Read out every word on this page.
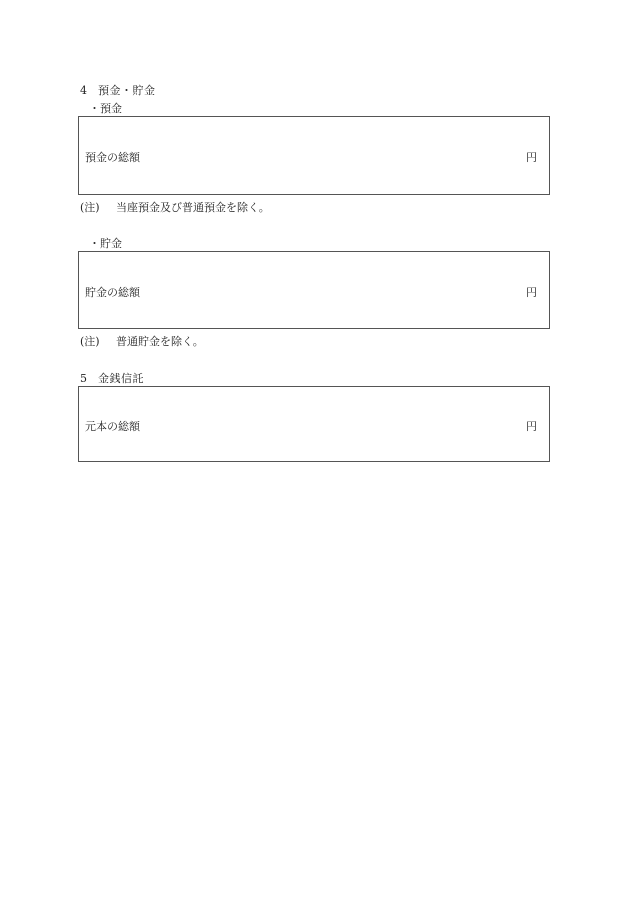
4 預金・貯金
・預金
預金の総額	円
(注) 当座預金及び普通預金を除く。
・貯金
貯金の総額	円
(注) 普通貯金を除く。
5 金銭信託
元本の総額	円
